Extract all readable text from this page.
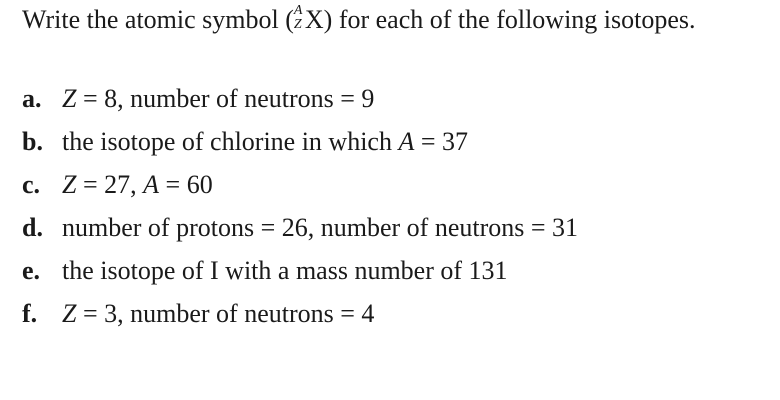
Write the atomic symbol ( A
Z X) for each of the following isotopes.
a. Z = 8, number of neutrons = 9
b. the isotope of chlorine in which A = 37
c. Z = 27, A = 60
d. number of protons = 26, number of neutrons = 31
e. the isotope of I with a mass number of 131
f. Z = 3, number of neutrons = 4
